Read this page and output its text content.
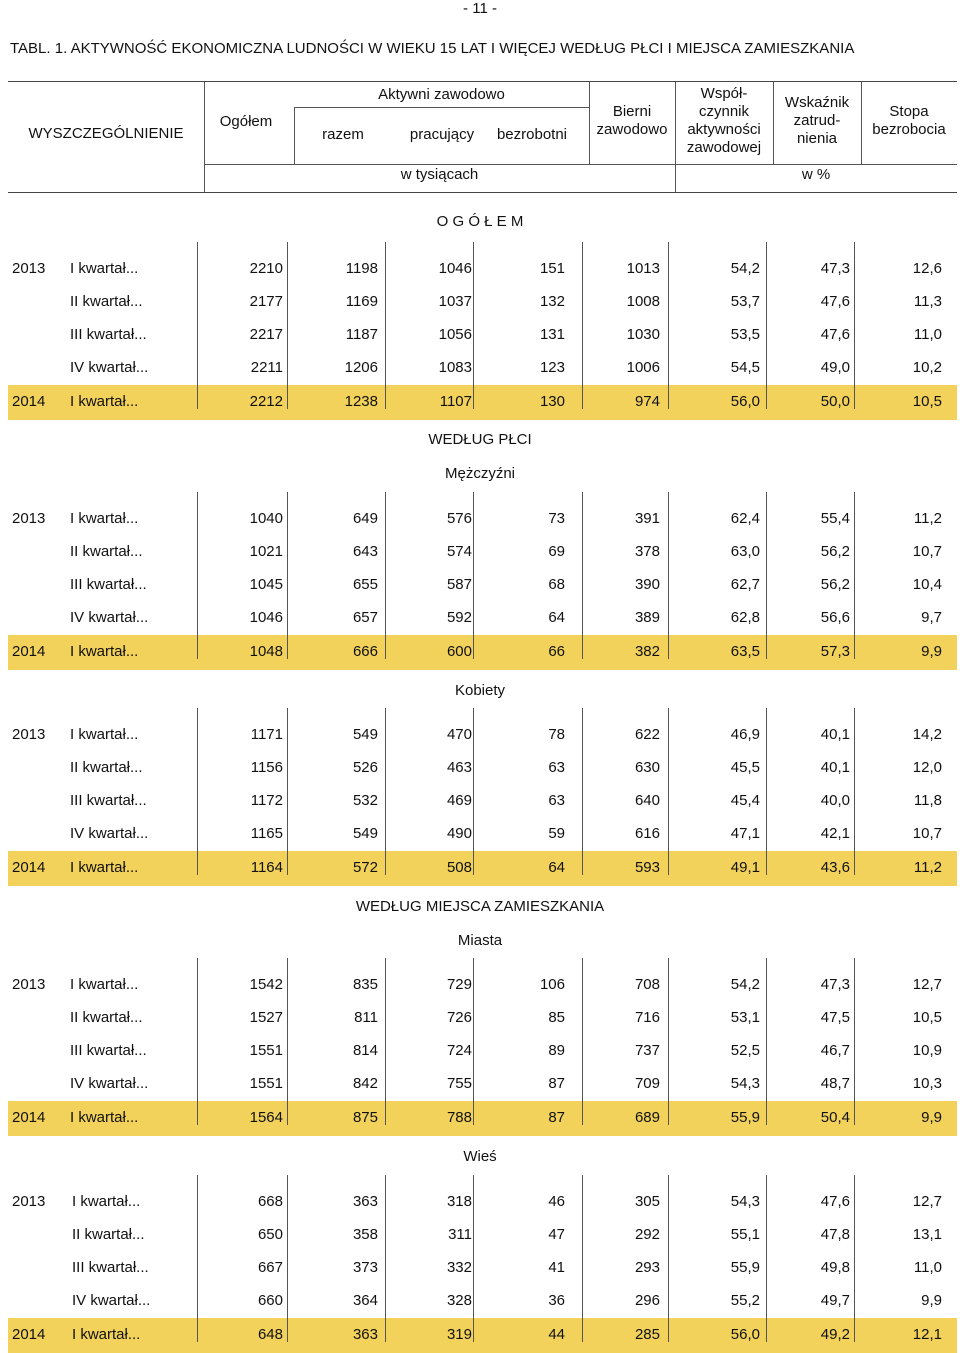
- 11 -
TABL. 1. AKTYWNOŚĆ EKONOMICZNA LUDNOŚCI W WIEKU 15 LAT I WIĘCEJ WEDŁUG PŁCI I MIEJSCA ZAMIESZKANIA
WYSZCZEGÓLNIENIE
Ogółem
Aktywni zawodowo
razem	pracujący	bezrobotni
Bierni
zawodowo
Współ-
czynnik
aktywności
zawodowej
Wskaźnik
zatrud-
nienia
Stopa
bezrobocia
w tysiącach	w %
O G Ó Ł E M
2013 I kwartał...	2210	1198	1046	151	1013	54,2	47,3	12,6
II kwartał...	2177	1169	1037	132	1008	53,7	47,6	11,3
III kwartał...	2217	1187	1056	131	1030	53,5	47,6	11,0
IV kwartał...	2211	1206	1083	123	1006	54,5	49,0	10,2
2014 I kwartał...	2212	1238	1107	130	974	56,0	50,0	10,5
WEDŁUG PŁCI
Mężczyźni
2013 I kwartał...	1040	649	576	73	391	62,4	55,4	11,2
II kwartał...	1021	643	574	69	378	63,0	56,2	10,7
III kwartał...	1045	655	587	68	390	62,7	56,2	10,4
IV kwartał...	1046	657	592	64	389	62,8	56,6	9,7
2014 I kwartał...	1048	666	600	66	382	63,5	57,3	9,9
Kobiety
2013 I kwartał...	1171	549	470	78	622	46,9	40,1	14,2
II kwartał...	1156	526	463	63	630	45,5	40,1	12,0
III kwartał...	1172	532	469	63	640	45,4	40,0	11,8
IV kwartał...	1165	549	490	59	616	47,1	42,1	10,7
2014 I kwartał...	1164	572	508	64	593	49,1	43,6	11,2
WEDŁUG MIEJSCA ZAMIESZKANIA
Miasta
2013 I kwartał...	1542	835	729	106	708	54,2	47,3	12,7
II kwartał...	1527	811	726	85	716	53,1	47,5	10,5
III kwartał...	1551	814	724	89	737	52,5	46,7	10,9
IV kwartał...	1551	842	755	87	709	54,3	48,7	10,3
2014 I kwartał...	1564	875	788	87	689	55,9	50,4	9,9
Wieś
2013 I kwartał...	668	363	318	46	305	54,3	47,6	12,7
II kwartał...	650	358	311	47	292	55,1	47,8	13,1
III kwartał...	667	373	332	41	293	55,9	49,8	11,0
IV kwartał...	660	364	328	36	296	55,2	49,7	9,9
2014 I kwartał...	648	363	319	44	285	56,0	49,2	12,1
